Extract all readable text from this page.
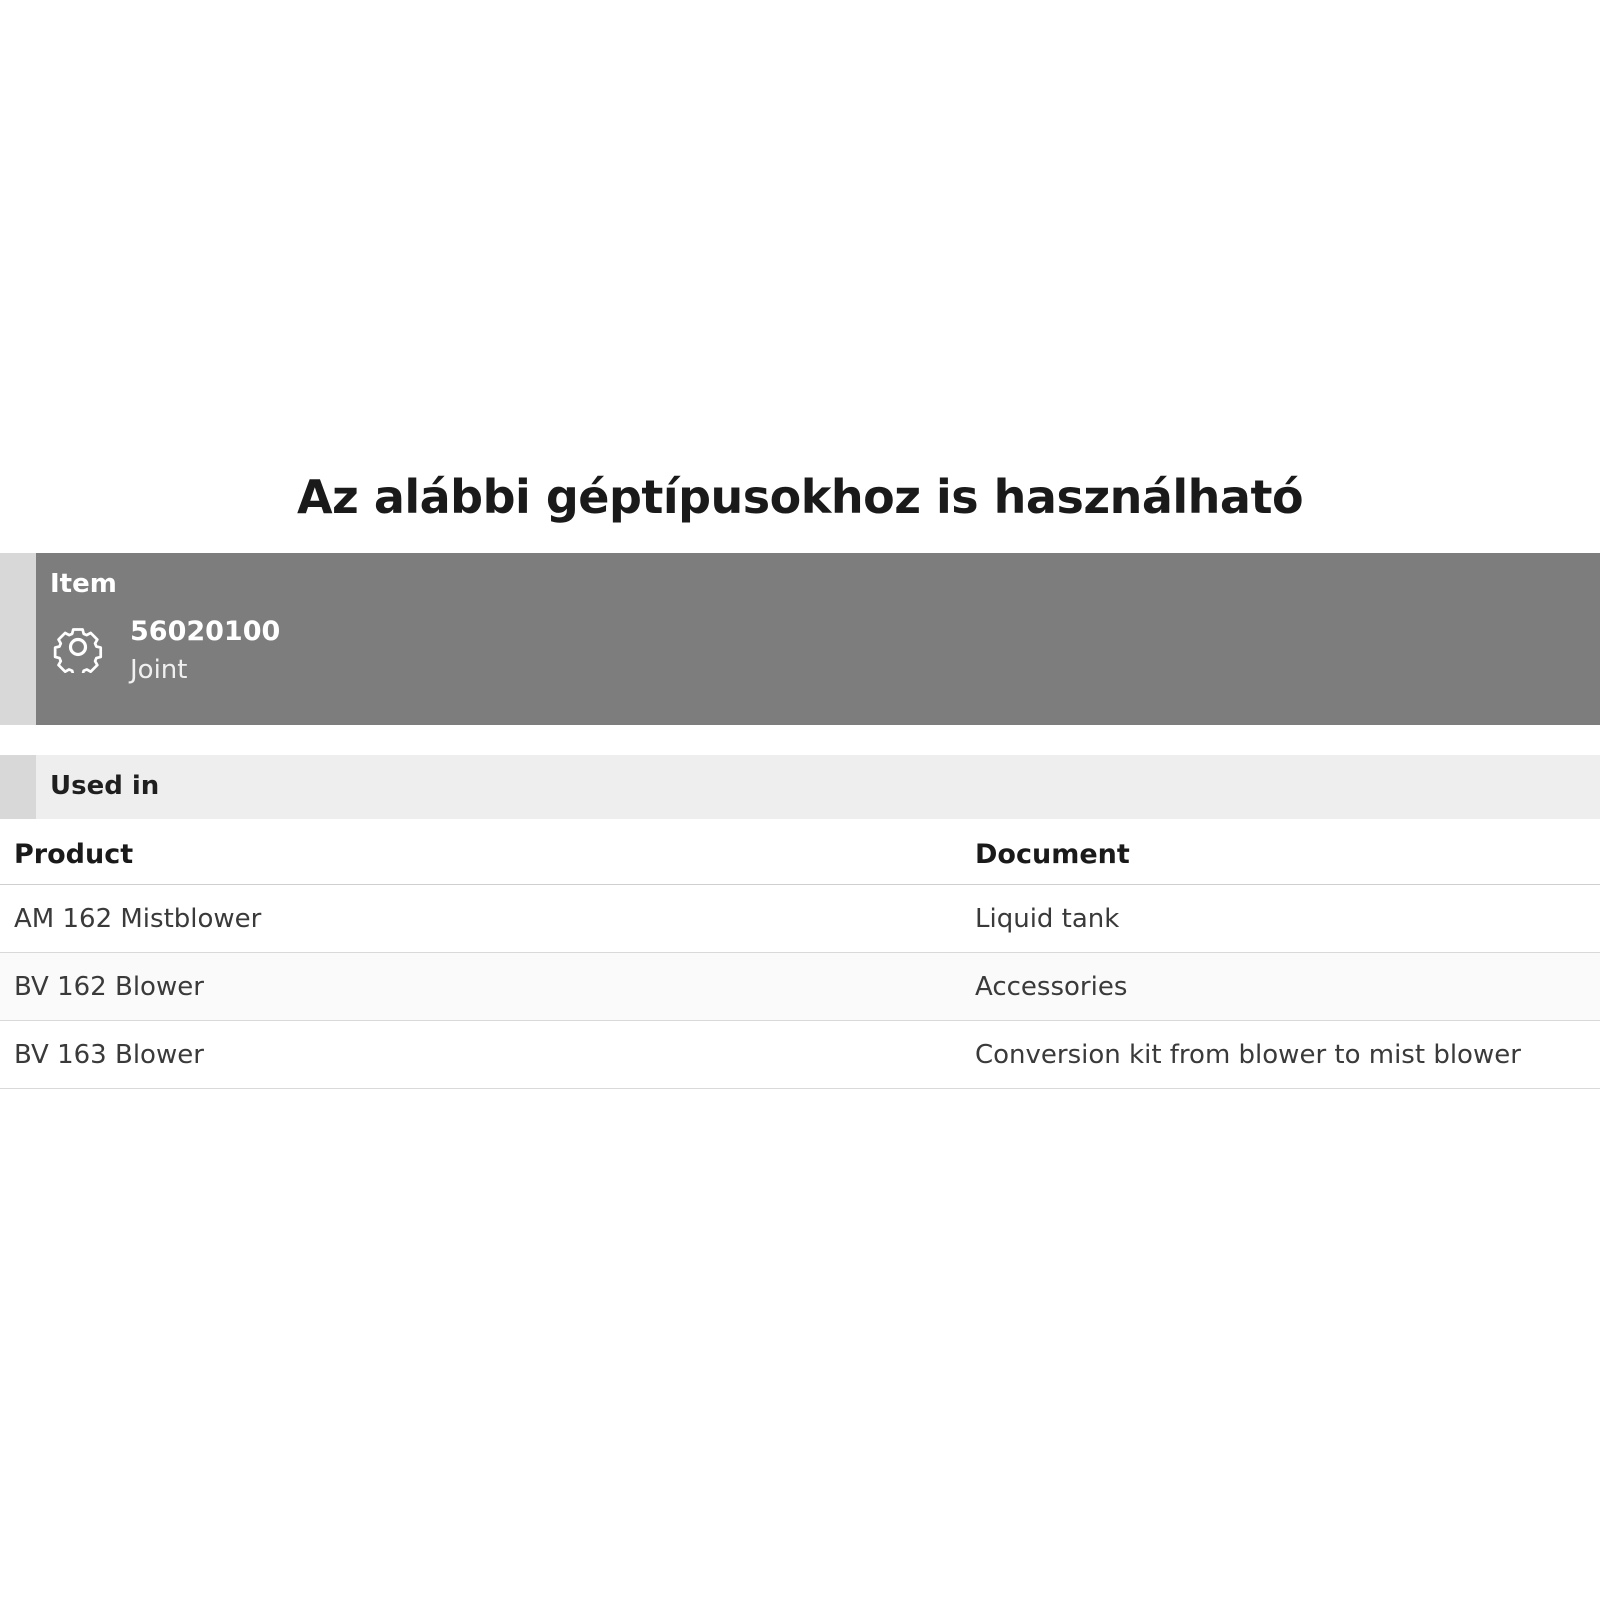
Az alábbi géptípusokhoz is használható
Item
56020100
Joint
Used in
Product	Document
AM 162 Mistblower	Liquid tank
BV 162 Blower	Accessories
BV 163 Blower	Conversion kit from blower to mist blower
